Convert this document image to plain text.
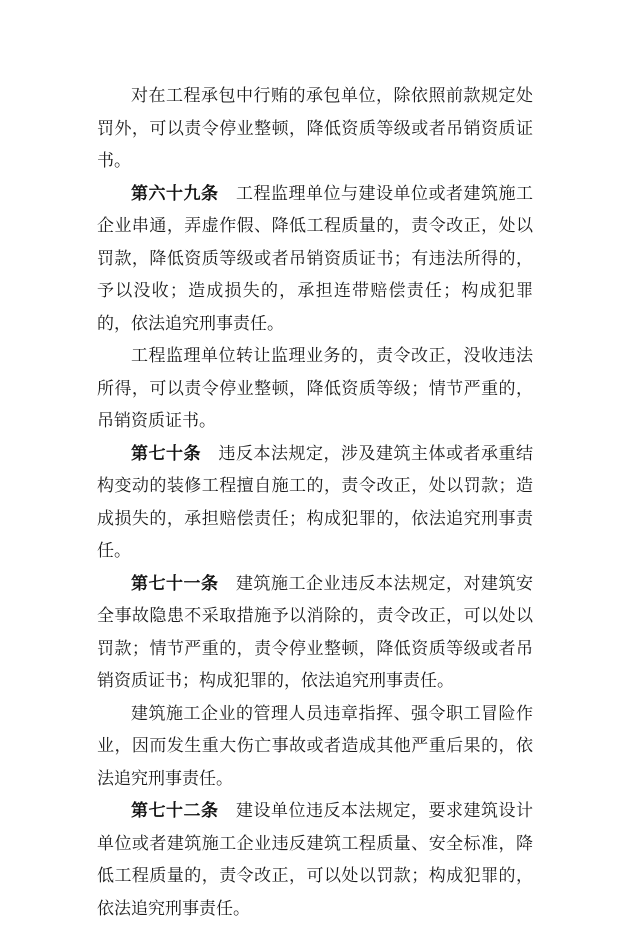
对在工程承包中行贿的承包单位，除依照前款规定处罚外，可以责令停业整顿，降低资质等级或者吊销资质证书。

第六十九条 工程监理单位与建设单位或者建筑施工企业串通，弄虚作假、降低工程质量的，责令改正，处以罚款，降低资质等级或者吊销资质证书；有违法所得的，予以没收；造成损失的，承担连带赔偿责任；构成犯罪的，依法追究刑事责任。

工程监理单位转让监理业务的，责令改正，没收违法所得，可以责令停业整顿，降低资质等级；情节严重的，吊销资质证书。

第七十条 违反本法规定，涉及建筑主体或者承重结构变动的装修工程擅自施工的，责令改正，处以罚款；造成损失的，承担赔偿责任；构成犯罪的，依法追究刑事责任。

第七十一条 建筑施工企业违反本法规定，对建筑安全事故隐患不采取措施予以消除的，责令改正，可以处以罚款；情节严重的，责令停业整顿，降低资质等级或者吊销资质证书；构成犯罪的，依法追究刑事责任。

建筑施工企业的管理人员违章指挥、强令职工冒险作业，因而发生重大伤亡事故或者造成其他严重后果的，依法追究刑事责任。

第七十二条 建设单位违反本法规定，要求建筑设计单位或者建筑施工企业违反建筑工程质量、安全标准，降低工程质量的，责令改正，可以处以罚款；构成犯罪的，依法追究刑事责任。
